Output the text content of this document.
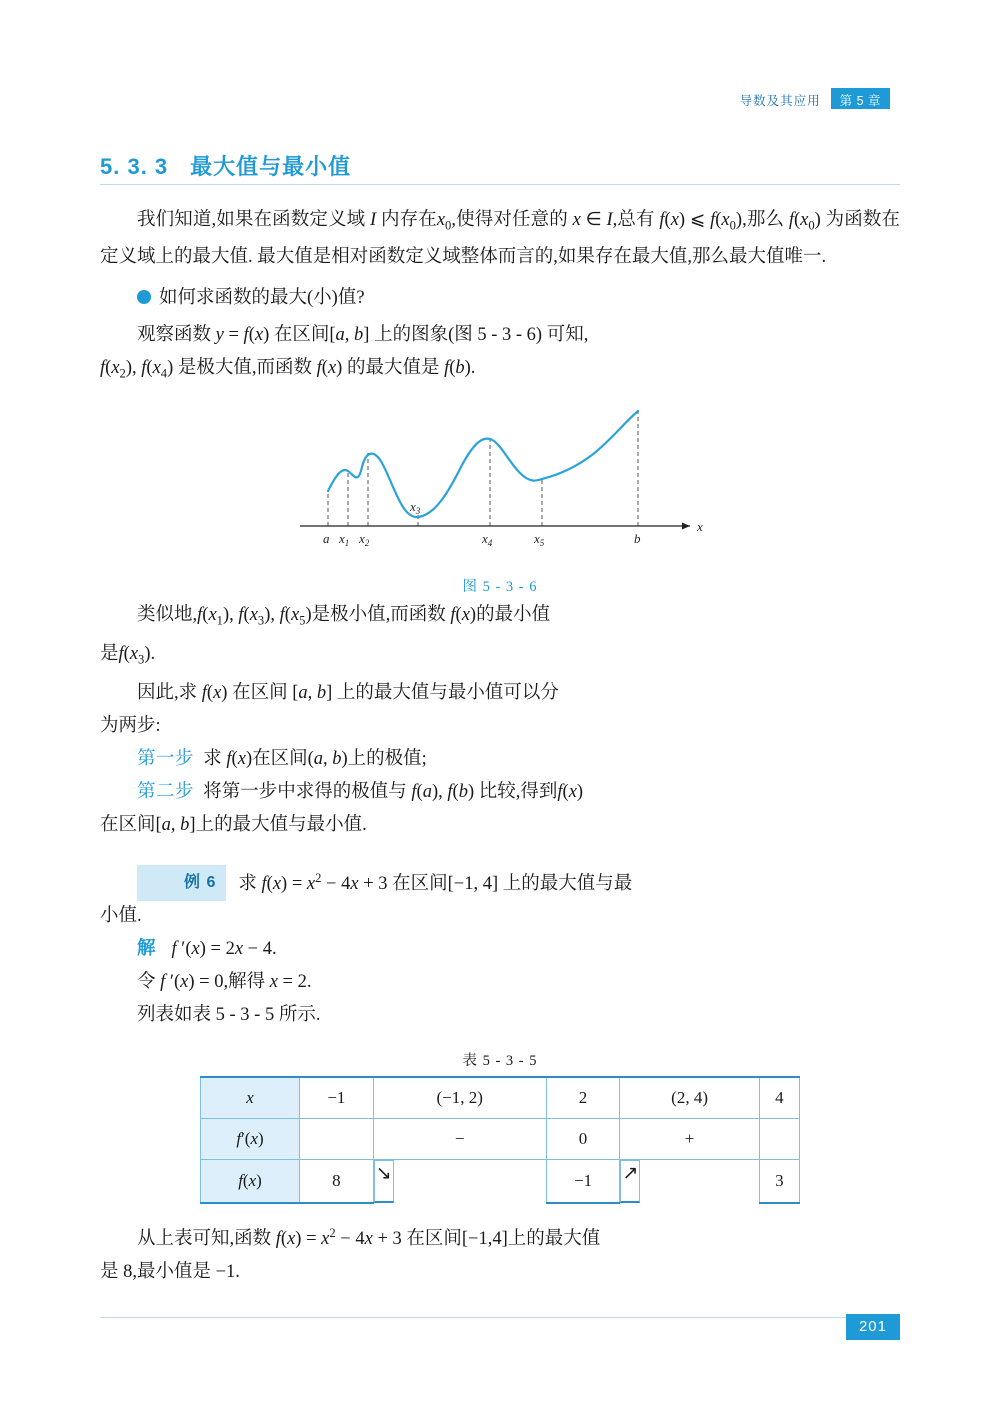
导数及其应用	第 5 章
5. 3. 3 最大值与最小值

我们知道,如果在函数定义域 I 内存在$x_0$,使得对任意的 x ∈ I,总有 f(x) ⩽ $f(x_0)$,那么 $f(x_0)$ 为函数在定义域上的最大值. 最大值是相对函数定义域整体而言的,如果存在最大值,那么最大值唯一.

如何求函数的最大(小)值?

观察函数 y = f(x) 在区间[a, b] 上的图象(图 5 - 3 - 6) 可知,

$f(x_2)$, $f(x_4)$ 是极大值,而函数 f(x) 的最大值是 f(b).

x
a $x_1$ $x_2$
$x_3$
$x_4$	$x_5$	b
图 5 - 3 - 6

类似地$,f(x_1)$, $f(x_3)$, $f(x_5)$是极小值,而函数 f(x)的最小值

是$f(x_3)$.

因此,求 f(x) 在区间 [a, b] 上的最大值与最小值可以分

为两步:

第一步  求 f(x)在区间(a, b)上的极值;

第二步  将第一步中求得的极值与 f(a), f(b) 比较,得到f(x)

在区间[a, b]上的最大值与最小值.

例 6 求 $f(x) = x^2 - 4x + 3$ 在区间[−1, 4] 上的最大值与最

小值.

解 f ′(x) = 2x − 4.

令 f ′(x) = 0,解得 x = 2.

列表如表 5 - 3 - 5 所示.

表 5 - 3 - 5
x	−1	(−1, 2)	2	(2, 4)	4
f′(x)		−	0	+	
f(x)	8	↘	−1	↗	3

从上表可知,函数 $f(x) = x^2 - 4x + 3$ 在区间[−1,4]上的最大值

是 8,最小值是 −1.

201
